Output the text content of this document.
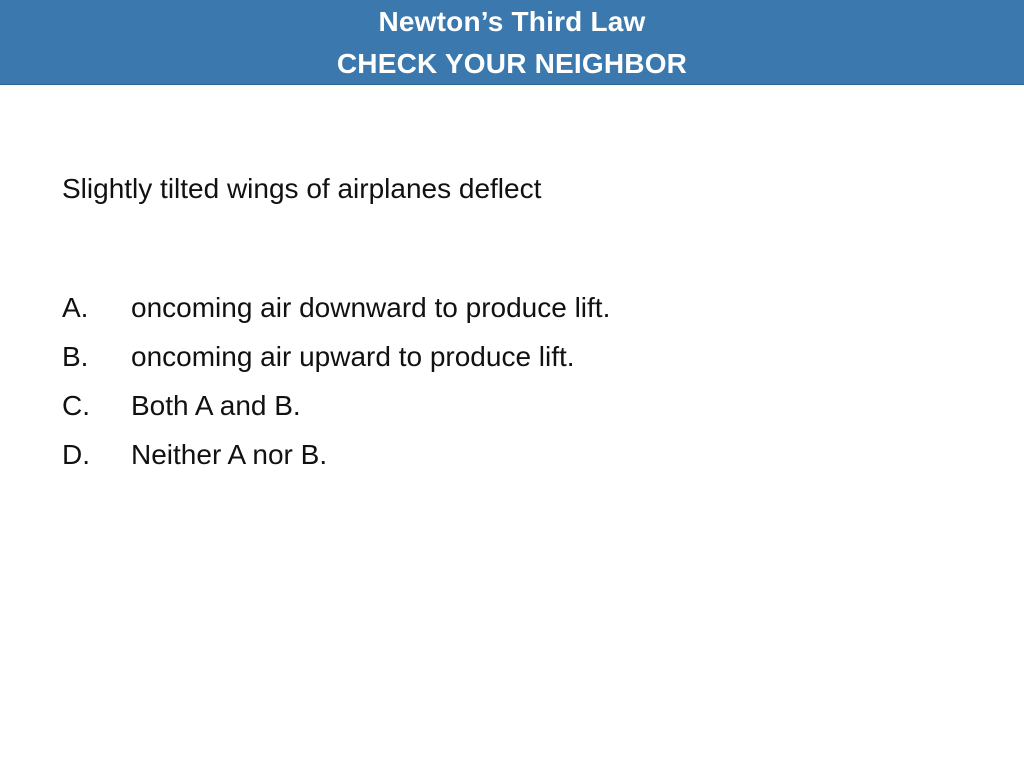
Newton’s Third Law
CHECK YOUR NEIGHBOR
Slightly tilted wings of airplanes deflect
A. oncoming air downward to produce lift.
B. oncoming air upward to produce lift.
C. Both A and B.
D. Neither A nor B.
